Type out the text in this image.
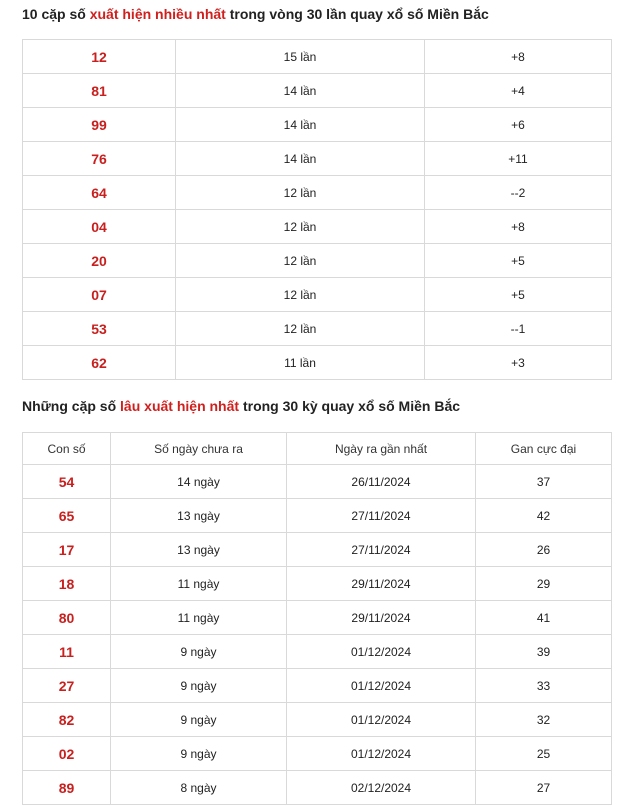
10 cặp số xuất hiện nhiều nhất trong vòng 30 lần quay xổ số Miền Bắc
12	15 lần	+8
81	14 lần	+4
99	14 lần	+6
76	14 lần	+11
64	12 lần	--2
04	12 lần	+8
20	12 lần	+5
07	12 lần	+5
53	12 lần	--1
62	11 lần	+3
Những cặp số lâu xuất hiện nhất trong 30 kỳ quay xổ số Miền Bắc
Con số	Số ngày chưa ra	Ngày ra gần nhất	Gan cực đại
54	14 ngày	26/11/2024	37
65	13 ngày	27/11/2024	42
17	13 ngày	27/11/2024	26
18	11 ngày	29/11/2024	29
80	11 ngày	29/11/2024	41
11	9 ngày	01/12/2024	39
27	9 ngày	01/12/2024	33
82	9 ngày	01/12/2024	32
02	9 ngày	01/12/2024	25
89	8 ngày	02/12/2024	27
